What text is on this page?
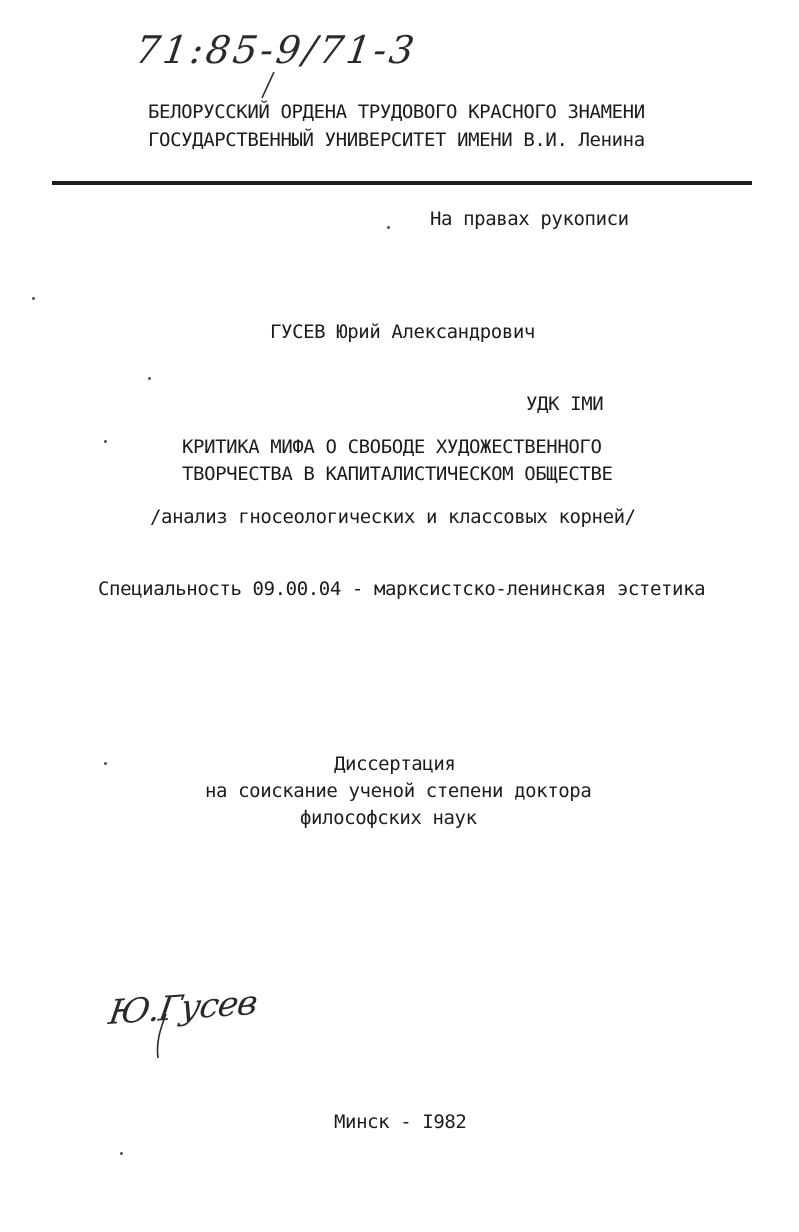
71:85-9/71-3
БЕЛОРУССКИЙ ОРДЕНА ТРУДОВОГО КРАСНОГО ЗНАМЕНИ
ГОСУДАРСТВЕННЫЙ УНИВЕРСИТЕТ ИМЕНИ В.И. Ленина
На правах рукописи
ГУСЕВ Юрий Александрович
УДК IМИ
КРИТИКА МИФА О СВОБОДЕ ХУДОЖЕСТВЕННОГО
ТВОРЧЕСТВА В КАПИТАЛИСТИЧЕСКОМ ОБЩЕСТВЕ
/анализ гносеологических и классовых корней/
Специальность 09.00.04 - марксистско-ленинская эстетика
Диссертация
на соискание ученой степени доктора
философских наук
Ю.Гусев
Минск - I982
